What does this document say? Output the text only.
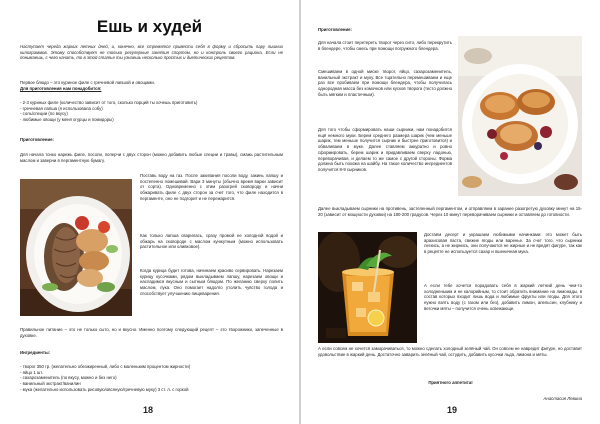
Ешь и худей

Наступает череда жарких летних дней, и, конечно, все стремятся привести себя в форму и сбросить пару лишних килограммов. Этому способствует не только регулярные занятия спортом, но и контроль своего рациона. Если не понимаешь, с чего начать, то в этой статье ты узнаешь несколько простых и диетических рецептов.

Первое блюдо – это куриное филе с гречневой лапшой и овощами.

Для приготовления нам понадобится:

- 2-3 куриных филе (количество зависит от того, сколько порций ты хочешь приготовить)
- гречневая лапша (я использовала собу)
- соль/специи (по вкусу)
- любимые овощи (у меня огурцы и помидоры)

Приготовление:

Для начала тонко нарежь филе, посоли, поперчи с двух сторон (можно добавить любые специи и травы), смажь растительным маслом и заверни в пергаментную бумагу.

Поставь воду на газ. После закипания посоли воду, закинь лапшу и постепенно помешивай. Вари 3 минуты (обычно время варки зависит от сорта). Одновременно с этим разогрей сковороду и начни обжаривать филе с двух сторон за счет того, что филе находится в пергаменте, оно не подгорит и не пережарится.

Как только лапша сварилась, сразу промой ее холодной водой и обжарь на сковороде с маслом кунжутным (можно использовать растительное или оливковое).

Когда курица будет готова, начинаем красиво сервировать. Нарезаем курицу кусочками, рядом выкладываем лапшу, нарезаем овощи и насладимся вкусным и сытным блюдом. По желанию сверху полить маслом, лука. Оно помогает надолго утолить чувство голода и способствует улучшению пищеварения.

Правильное питание – это не только сыто, но и вкусно. Именно поэтому следующий рецепт – это творожники, запеченные в духовке.

Ингредиенты:

- творог 350 гр. (желательно обезжиренный, либо с маленьким процентом жирности)
- яйцо 1 шт.
- сахарозаменитель (по вкусу, можно и без него)
- ванильный экстракт/ванилин
- мука (желательно использовать рисовую/овсяную/гречневую муку) 3 ст. л. с горкой
18

Приготовление:

Для начала стоит перетереть творог через сито, либо перекрутить в блендере, чтобы смесь при помощи погружного блендера.

Смешиваем в одной миске творог, яйцо, сахарозаменитель, ванильный экстракт и муку. Все тщательно перемешиваем и еще раз все пробиваем при помощи блендера, чтобы получилась однородная масса без комочков или кусков творога (тесто должно быть мягким и пластичным).

Для того чтобы сформировать наши сырники, нам понадобится ещё немного муки. Берем среднего размера шарик (чем меньше шарик, тем меньше получится сырник и быстрее приготовится) и обваливаем в муке. Далее ставляем аккуратно и ровно сформировать, берем шарик и придавливаем сверху ладонью, переворачивая, и делаем то же самое с другой стороны. Форма должна быть похожа на шайбу. На такое количество ингредиентов получится 8-9 сырников.

Далее выкладываем сырники на противень, застеленный пергаментом, и отправляем в заранее разогретую духовку минут на 15-20 (зависит от мощности духовки) на 180-200 градусов. Через 10 минут переворачиваем сырники и оставляем до готовности.

Достаём десерт и украшаем любимыми начинками: это может быть арахисовая паста, свежие ягоды или варенье. За счет того, что сырники легкись, а не жирнись, они получаются не жирные и не вредят фигуре, так как в рецепте не используется сахар и пшеничная мука.

А если тебе хочется порадовать себя в жаркий летний день чем-то холодненьким и не калорийным, то стоит обратить внимание на лимонады, в состав которых входит лишь вода и любимые фрукты или ягоды. Для этого нужно взять воду (с газом или без), добавить лимон, апельсин, клубнику и веточки мяты – получится очень освежающе.

А если совсем не хочется заморачиваться, то можно сделать холодный зелёный чай. Он совсем не навредит фигуре, но доставит удовольствие в жаркий день. Достаточно заварить зелёный чай, остудить, добавить кусочки льда, лимона и мяты.

Приятного аппетита!

Анастасия Левина

19
